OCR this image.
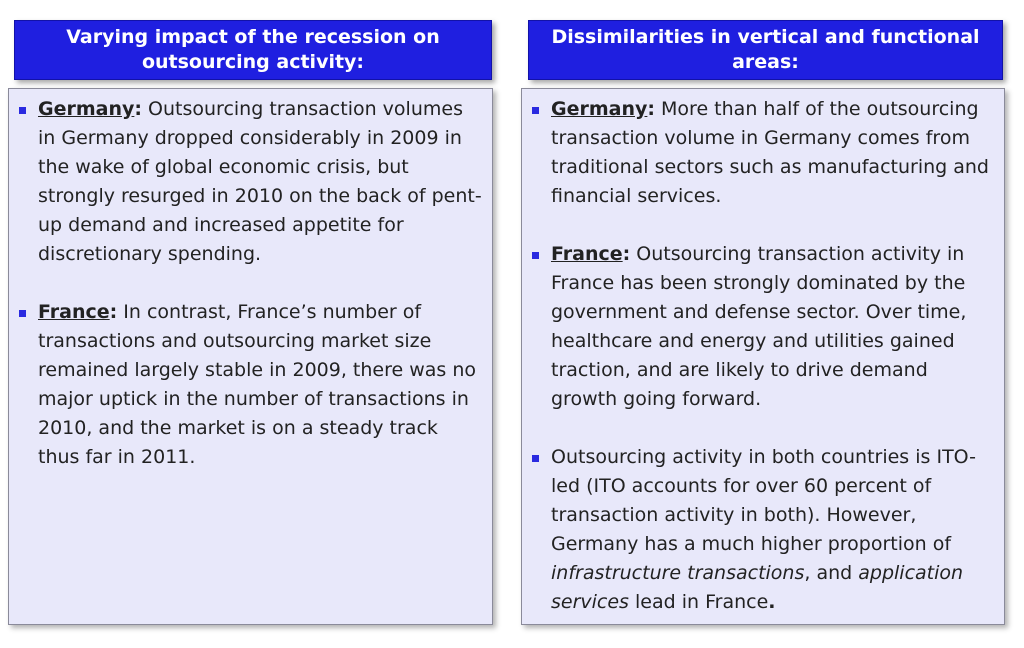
Varying impact of the recession on outsourcing activity:
Dissimilarities in vertical and functional areas:

Germany: Outsourcing transaction volumes in Germany dropped considerably in 2009 in the wake of global economic crisis, but strongly resurged in 2010 on the back of pent-up demand and increased appetite for discretionary spending.

France: In contrast, France’s number of transactions and outsourcing market size remained largely stable in 2009, there was no major uptick in the number of transactions in 2010, and the market is on a steady track thus far in 2011.

Germany: More than half of the outsourcing transaction volume in Germany comes from traditional sectors such as manufacturing and financial services.

France: Outsourcing transaction activity in France has been strongly dominated by the government and defense sector. Over time, healthcare and energy and utilities gained traction, and are likely to drive demand growth going forward.

Outsourcing activity in both countries is ITO-led (ITO accounts for over 60 percent of transaction activity in both). However, Germany has a much higher proportion of infrastructure transactions, and application services lead in France.
